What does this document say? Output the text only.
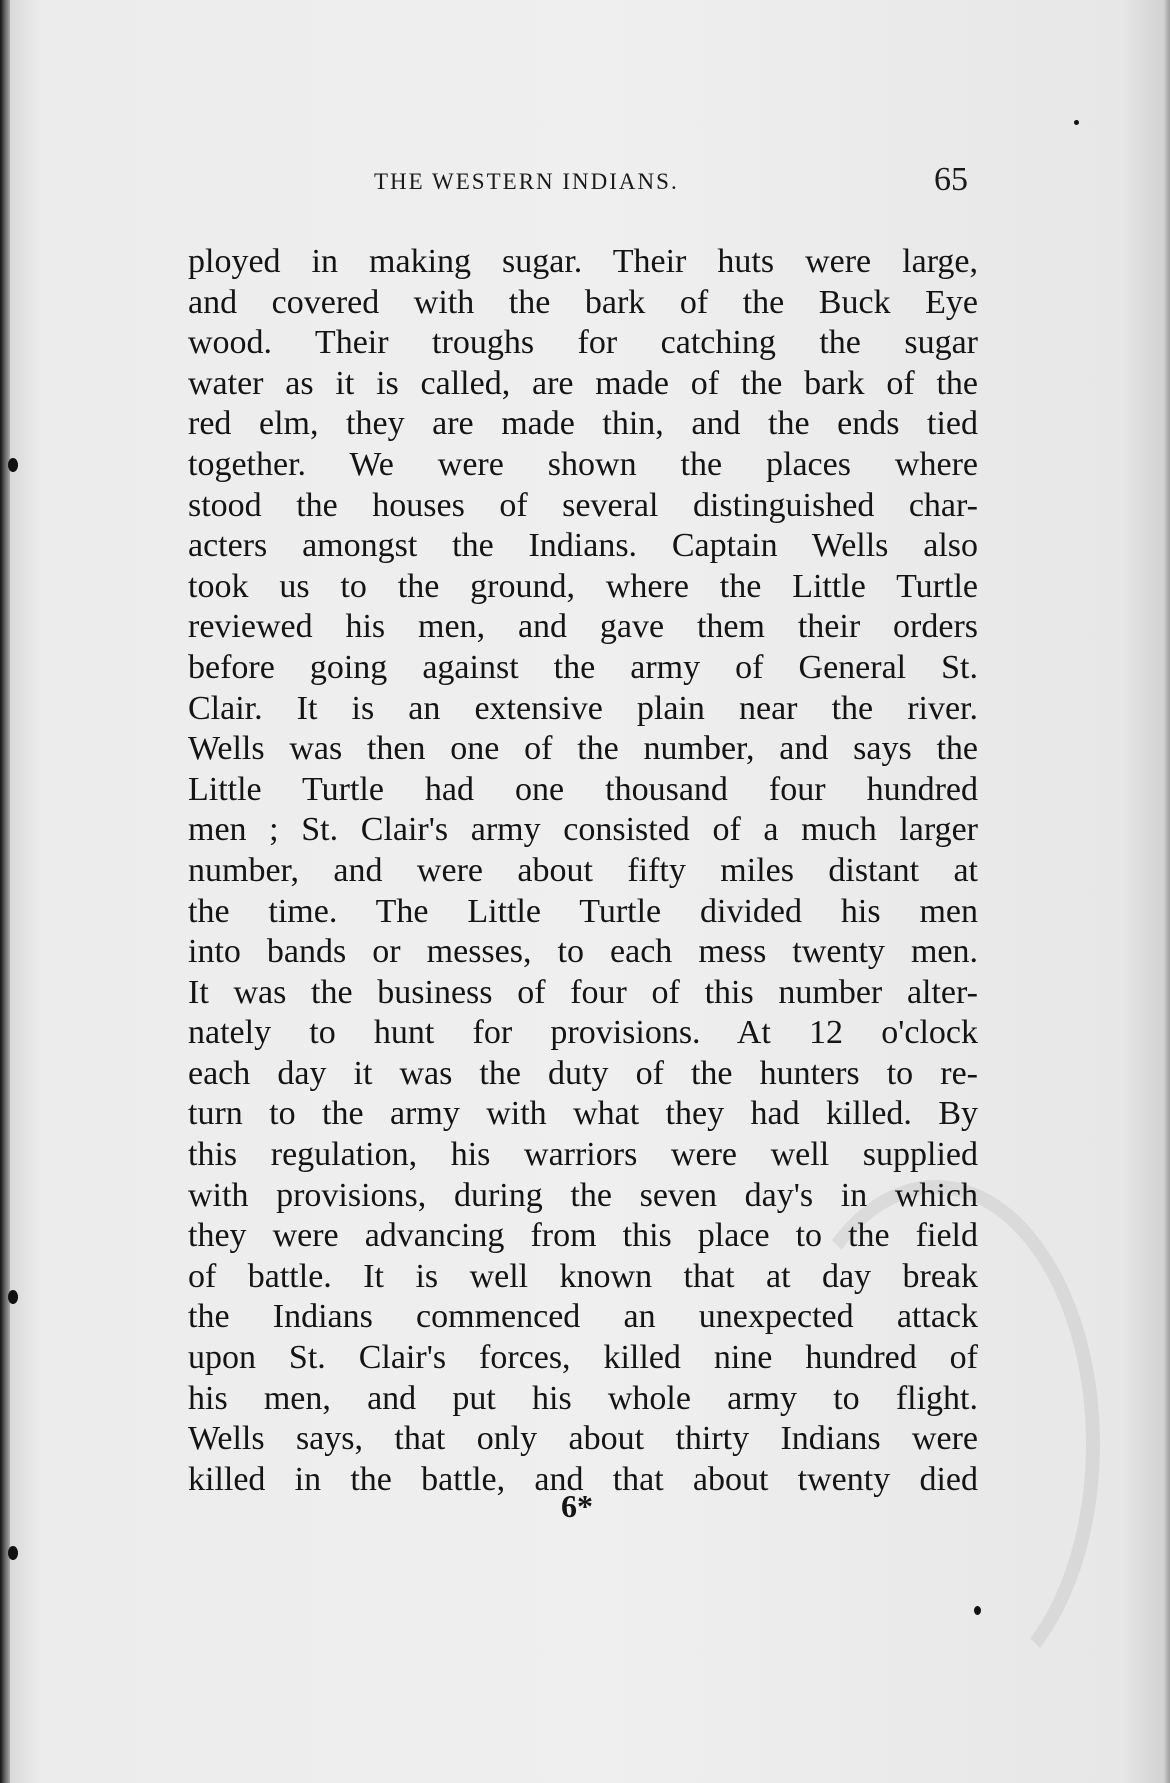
THE WESTERN INDIANS.	65
ployed in making sugar. Their huts were large,
and covered with the bark of the Buck Eye
wood. Their troughs for catching the sugar
water as it is called, are made of the bark of the
red elm, they are made thin, and the ends tied
together. We were shown the places where
stood the houses of several distinguished char-
acters amongst the Indians. Captain Wells also
took us to the ground, where the Little Turtle
reviewed his men, and gave them their orders
before going against the army of General St.
Clair. It is an extensive plain near the river.
Wells was then one of the number, and says the
Little Turtle had one thousand four hundred
men ; St. Clair's army consisted of a much larger
number, and were about fifty miles distant at
the time. The Little Turtle divided his men
into bands or messes, to each mess twenty men.
It was the business of four of this number alter-
nately to hunt for provisions. At 12 o'clock
each day it was the duty of the hunters to re-
turn to the army with what they had killed. By
this regulation, his warriors were well supplied
with provisions, during the seven day's in which
they were advancing from this place to the field
of battle. It is well known that at day break
the Indians commenced an unexpected attack
upon St. Clair's forces, killed nine hundred of
his men, and put his whole army to flight.
Wells says, that only about thirty Indians were
killed in the battle, and that about twenty died
6*
